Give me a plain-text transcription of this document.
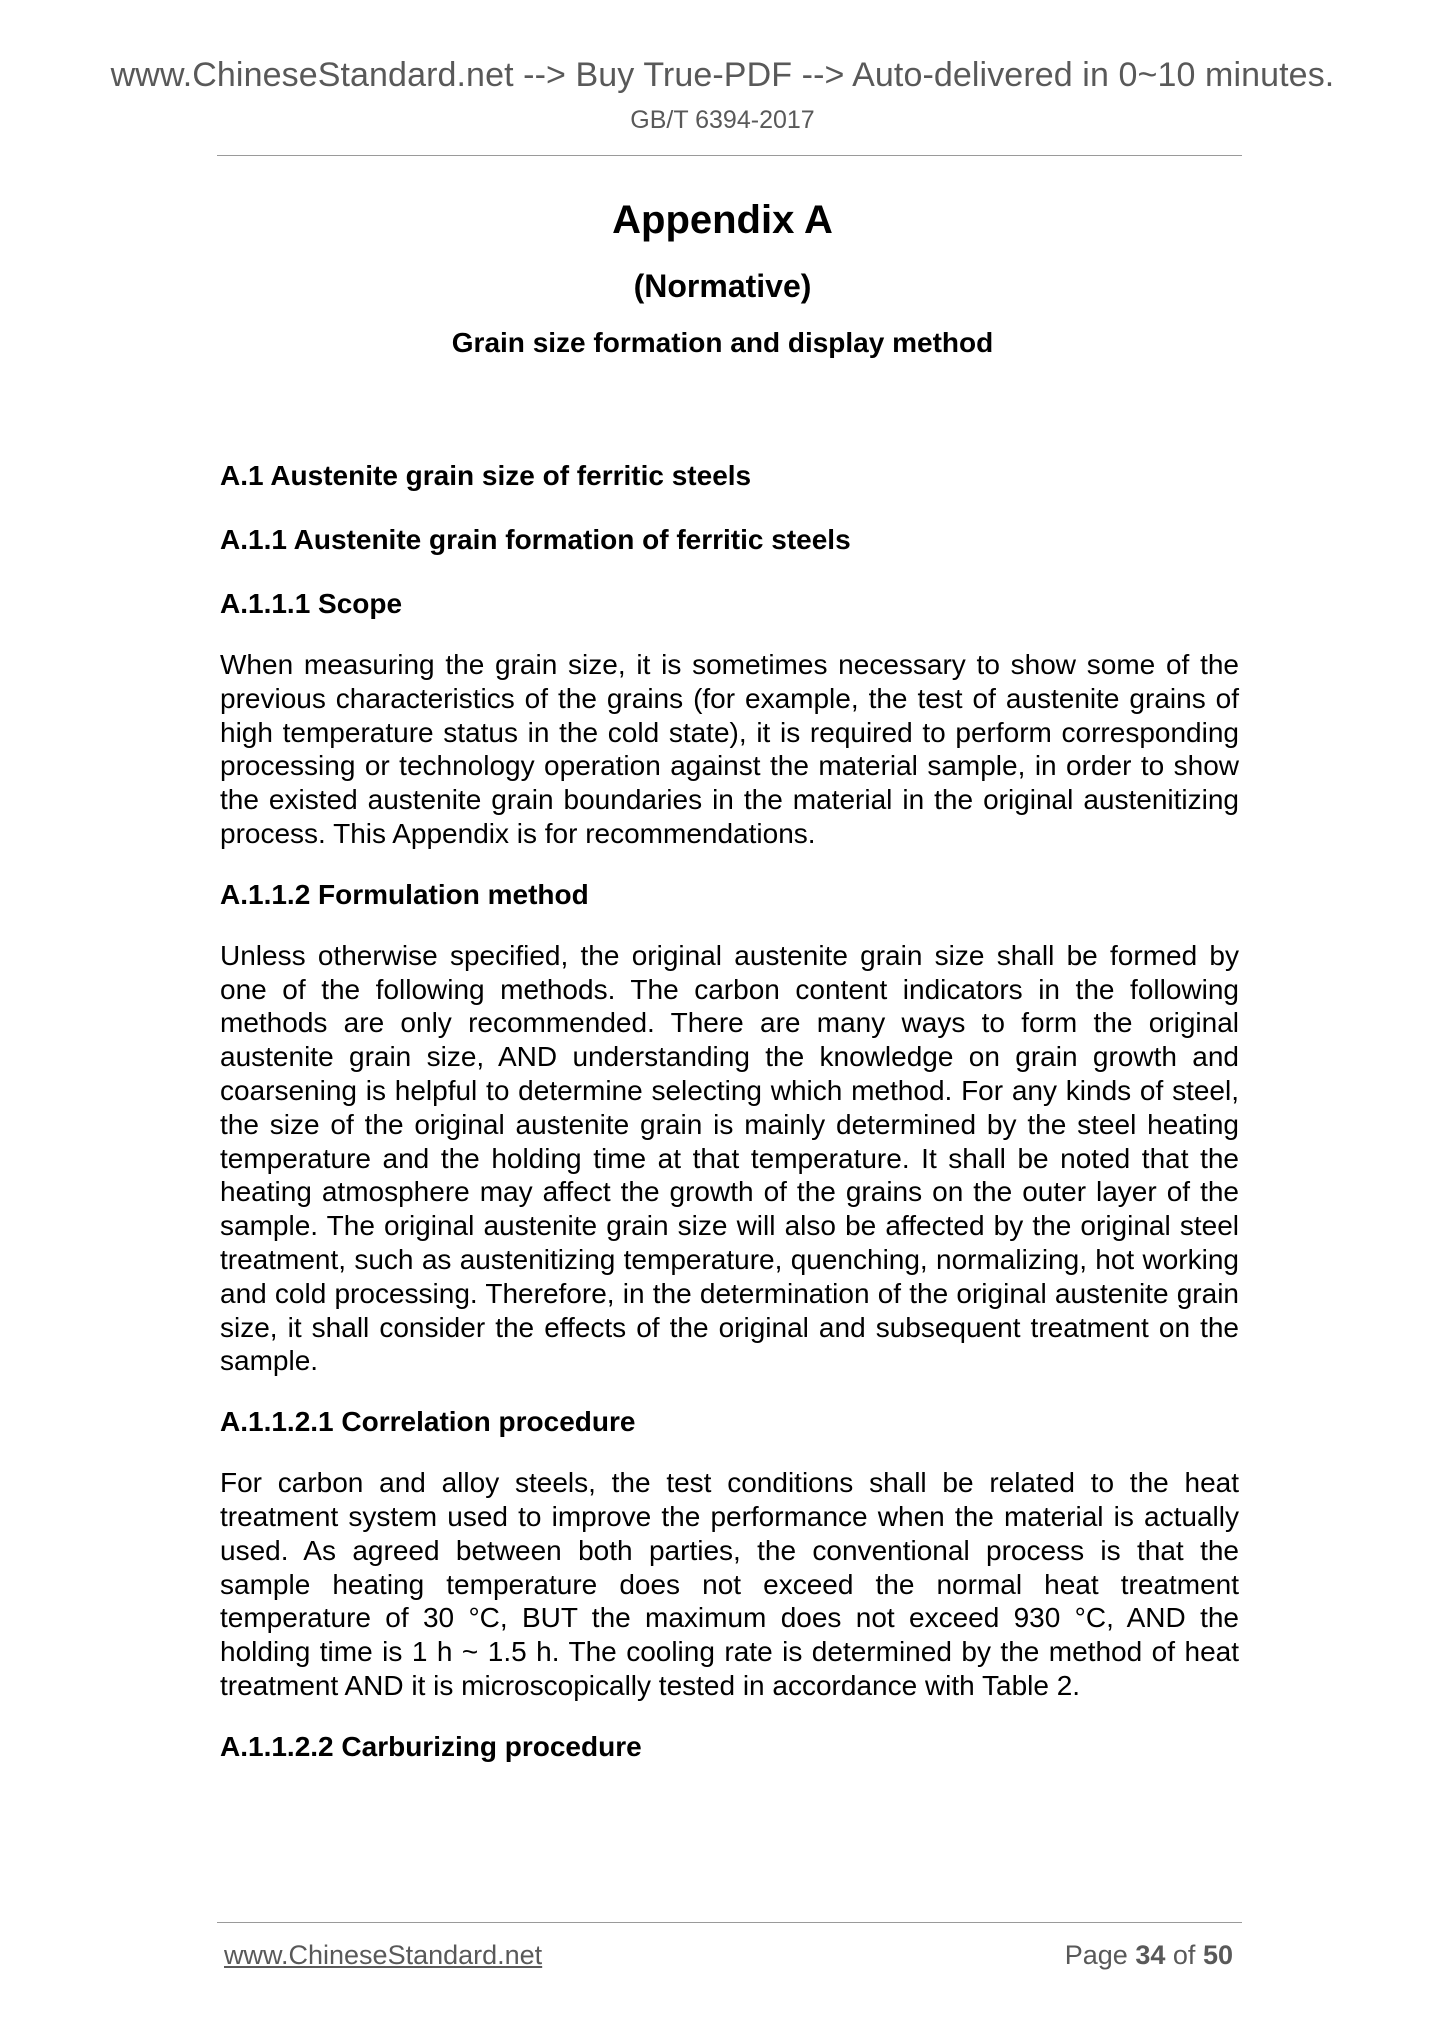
www.ChineseStandard.net --> Buy True-PDF --> Auto-delivered in 0~10 minutes.
GB/T 6394-2017
Appendix A
(Normative)
Grain size formation and display method
A.1 Austenite grain size of ferritic steels
A.1.1 Austenite grain formation of ferritic steels
A.1.1.1 Scope
When measuring the grain size, it is sometimes necessary to show some of the previous characteristics of the grains (for example, the test of austenite grains of high temperature status in the cold state), it is required to perform corresponding processing or technology operation against the material sample, in order to show the existed austenite grain boundaries in the material in the original austenitizing process. This Appendix is for recommendations.
A.1.1.2 Formulation method
Unless otherwise specified, the original austenite grain size shall be formed by one of the following methods. The carbon content indicators in the following methods are only recommended. There are many ways to form the original austenite grain size, AND understanding the knowledge on grain growth and coarsening is helpful to determine selecting which method. For any kinds of steel, the size of the original austenite grain is mainly determined by the steel heating temperature and the holding time at that temperature. It shall be noted that the heating atmosphere may affect the growth of the grains on the outer layer of the sample. The original austenite grain size will also be affected by the original steel treatment, such as austenitizing temperature, quenching, normalizing, hot working and cold processing. Therefore, in the determination of the original austenite grain size, it shall consider the effects of the original and subsequent treatment on the sample.
A.1.1.2.1 Correlation procedure
For carbon and alloy steels, the test conditions shall be related to the heat treatment system used to improve the performance when the material is actually used. As agreed between both parties, the conventional process is that the sample heating temperature does not exceed the normal heat treatment temperature of 30 °C, BUT the maximum does not exceed 930 °C, AND the holding time is 1 h ~ 1.5 h. The cooling rate is determined by the method of heat treatment AND it is microscopically tested in accordance with Table 2.
A.1.1.2.2 Carburizing procedure
www.ChineseStandard.net	Page 34 of 50
